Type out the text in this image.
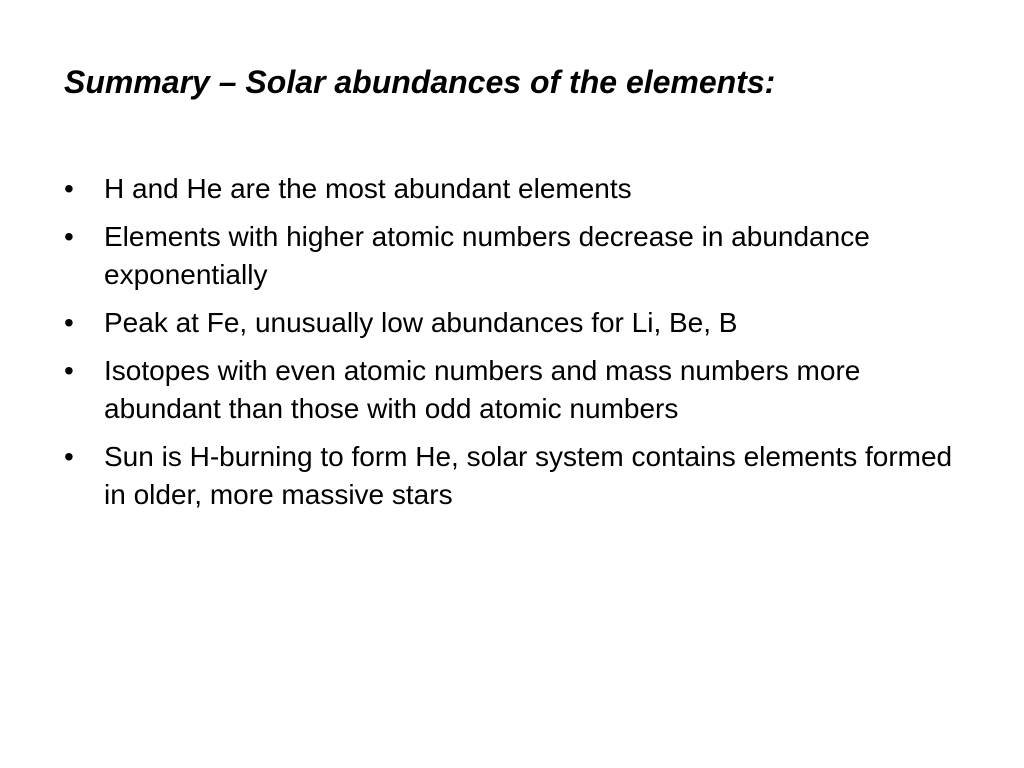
Summary – Solar abundances of the elements:
•	H and He are the most abundant elements
•	Elements with higher atomic numbers decrease in abundance exponentially
•	Peak at Fe, unusually low abundances for Li, Be, B
•	Isotopes with even atomic numbers and mass numbers more abundant than those with odd atomic numbers
•	Sun is H-burning to form He, solar system contains elements formed in older, more massive stars
